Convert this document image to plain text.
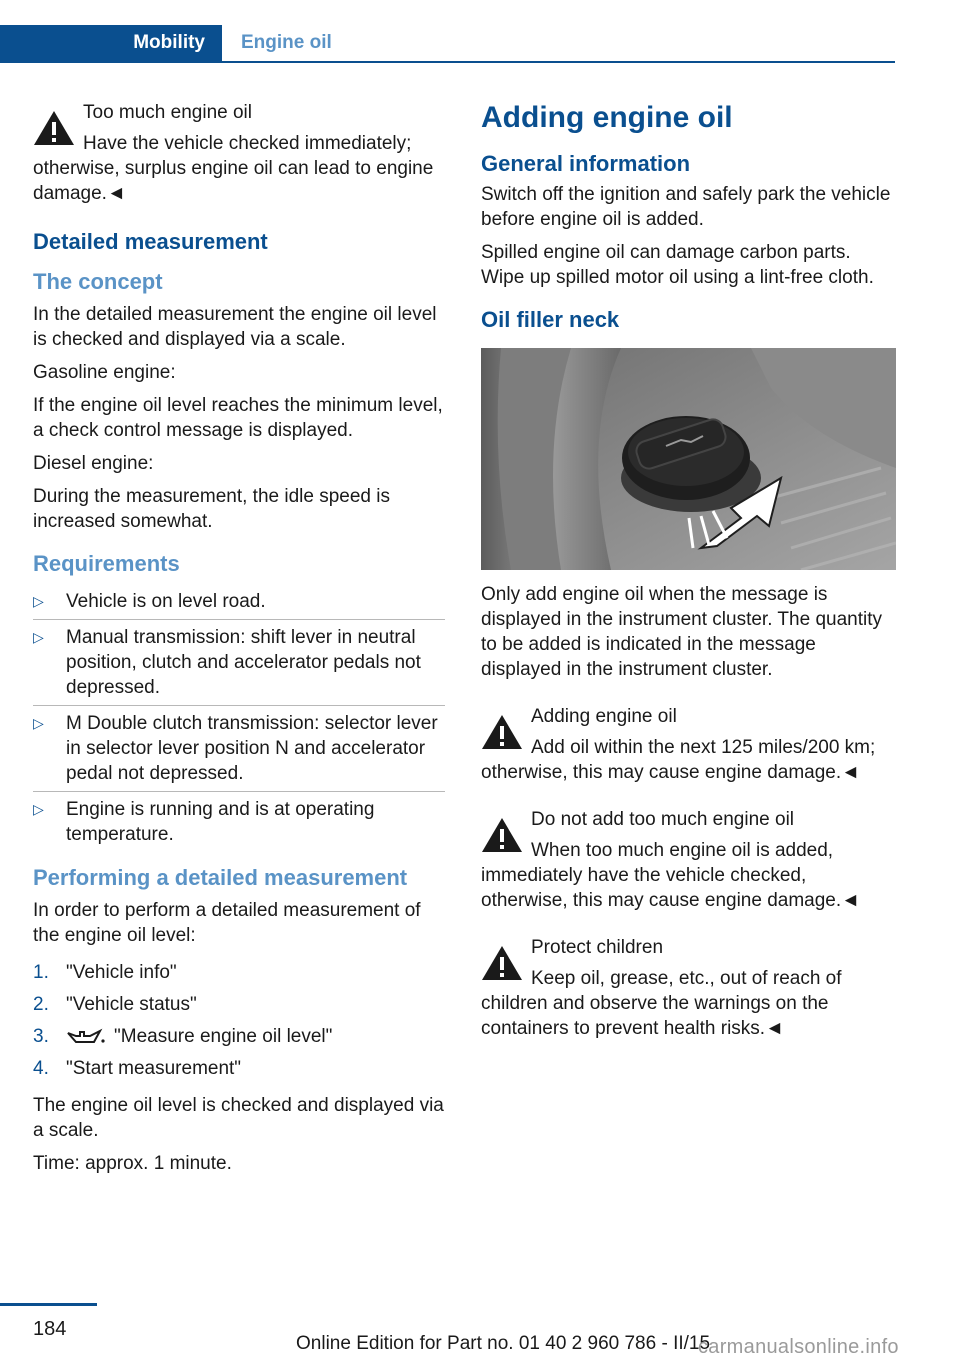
Mobility	Engine oil

Too much engine oil

Have the vehicle checked immediately; otherwise, surplus engine oil can lead to engine damage.◄

Detailed measurement
The concept

In the detailed measurement the engine oil level is checked and displayed via a scale.

Gasoline engine:

If the engine oil level reaches the minimum level, a check control message is displayed.

Diesel engine:

During the measurement, the idle speed is increased somewhat.

Requirements
▷ Vehicle is on level road.
▷ Manual transmission: shift lever in neutral position, clutch and accelerator pedals not depressed.
▷ M Double clutch transmission: selector lever in selector lever position N and accelerator pedal not depressed.
▷ Engine is running and is at operating temperature.
Performing a detailed measurement

In order to perform a detailed measurement of the engine oil level:

1. "Vehicle info"
2. "Vehicle status"
3.	"Measure engine oil level"
4. "Start measurement"

The engine oil level is checked and displayed via a scale.

Time: approx. 1 minute.

Adding engine oil
General information

Switch off the ignition and safely park the vehicle before engine oil is added.

Spilled engine oil can damage carbon parts. Wipe up spilled motor oil using a lint-free cloth.

Oil filler neck

Only add engine oil when the message is displayed in the instrument cluster. The quantity to be added is indicated in the message displayed in the instrument cluster.

Adding engine oil

Add oil within the next 125 miles/200 km; otherwise, this may cause engine damage.◄

Do not add too much engine oil

When too much engine oil is added, immediately have the vehicle checked, otherwise, this may cause engine damage.◄

Protect children

Keep oil, grease, etc., out of reach of children and observe the warnings on the containers to prevent health risks.◄

184
Online Edition for Part no. 01 40 2 960 786 - II/15
carmanualsonline.info
